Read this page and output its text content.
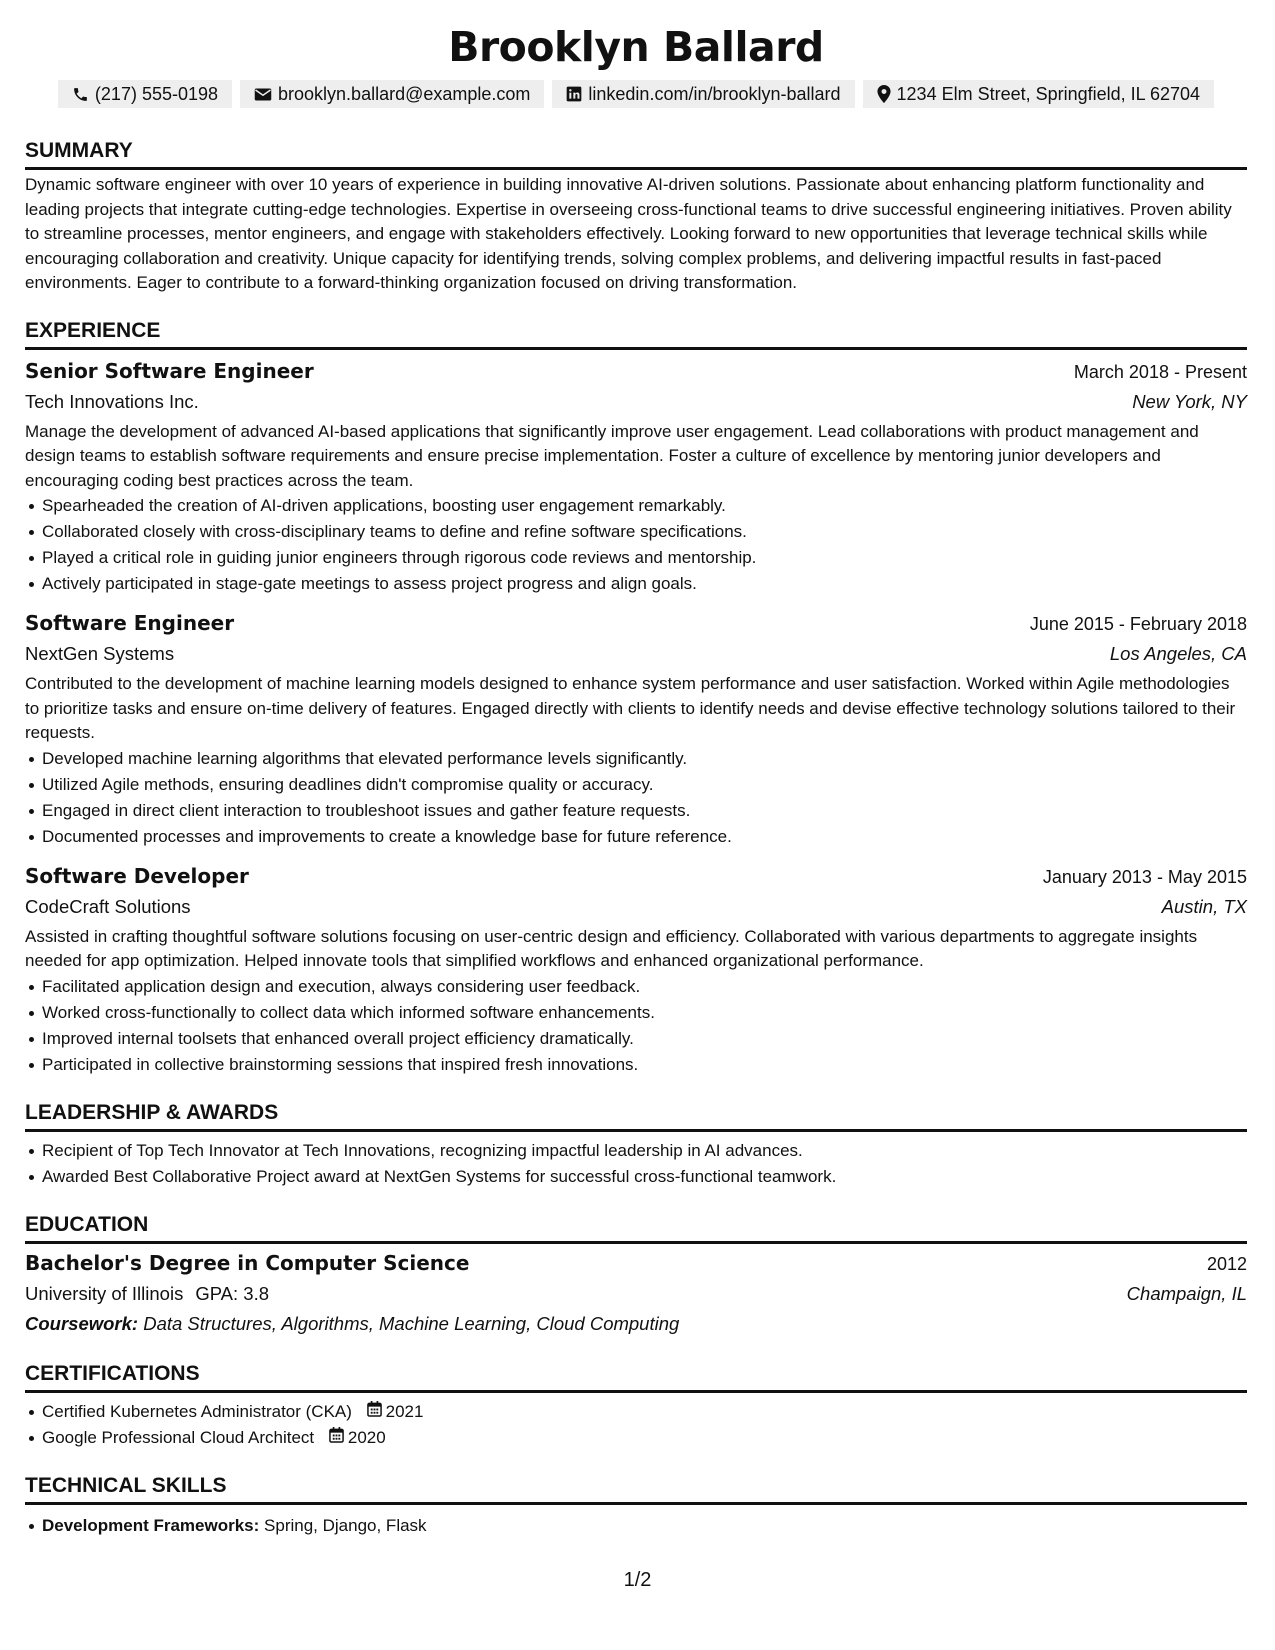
Brooklyn Ballard
(217) 555-0198	brooklyn.ballard@example.com	linkedin.com/in/brooklyn-ballard	1234 Elm Street, Springfield, IL 62704
SUMMARY

Dynamic software engineer with over 10 years of experience in building innovative AI-driven solutions. Passionate about enhancing platform functionality and leading projects that integrate cutting-edge technologies. Expertise in overseeing cross-functional teams to drive successful engineering initiatives. Proven ability to streamline processes, mentor engineers, and engage with stakeholders effectively. Looking forward to new opportunities that leverage technical skills while encouraging collaboration and creativity. Unique capacity for identifying trends, solving complex problems, and delivering impactful results in fast-paced environments. Eager to contribute to a forward-thinking organization focused on driving transformation.

EXPERIENCE
Senior Software Engineer	March 2018 - Present
Tech Innovations Inc.	New York, NY

Manage the development of advanced AI-based applications that significantly improve user engagement. Lead collaborations with product management and design teams to establish software requirements and ensure precise implementation. Foster a culture of excellence by mentoring junior developers and encouraging coding best practices across the team.

Spearheaded the creation of AI-driven applications, boosting user engagement remarkably.
Collaborated closely with cross-disciplinary teams to define and refine software specifications.
Played a critical role in guiding junior engineers through rigorous code reviews and mentorship.
Actively participated in stage-gate meetings to assess project progress and align goals.
Software Engineer	June 2015 - February 2018
NextGen Systems	Los Angeles, CA

Contributed to the development of machine learning models designed to enhance system performance and user satisfaction. Worked within Agile methodologies to prioritize tasks and ensure on-time delivery of features. Engaged directly with clients to identify needs and devise effective technology solutions tailored to their requests.

Developed machine learning algorithms that elevated performance levels significantly.
Utilized Agile methods, ensuring deadlines didn't compromise quality or accuracy.
Engaged in direct client interaction to troubleshoot issues and gather feature requests.
Documented processes and improvements to create a knowledge base for future reference.
Software Developer	January 2013 - May 2015
CodeCraft Solutions	Austin, TX

Assisted in crafting thoughtful software solutions focusing on user-centric design and efficiency. Collaborated with various departments to aggregate insights needed for app optimization. Helped innovate tools that simplified workflows and enhanced organizational performance.

Facilitated application design and execution, always considering user feedback.
Worked cross-functionally to collect data which informed software enhancements.
Improved internal toolsets that enhanced overall project efficiency dramatically.
Participated in collective brainstorming sessions that inspired fresh innovations.
LEADERSHIP & AWARDS
Recipient of Top Tech Innovator at Tech Innovations, recognizing impactful leadership in AI advances.
Awarded Best Collaborative Project award at NextGen Systems for successful cross-functional teamwork.
EDUCATION
Bachelor's Degree in Computer Science	2012
University of Illinois GPA: 3.8	Champaign, IL
Coursework: Data Structures, Algorithms, Machine Learning, Cloud Computing
CERTIFICATIONS
Certified Kubernetes Administrator (CKA) 2021
Google Professional Cloud Architect 2020
TECHNICAL SKILLS
Development Frameworks: Spring, Django, Flask
1/2
